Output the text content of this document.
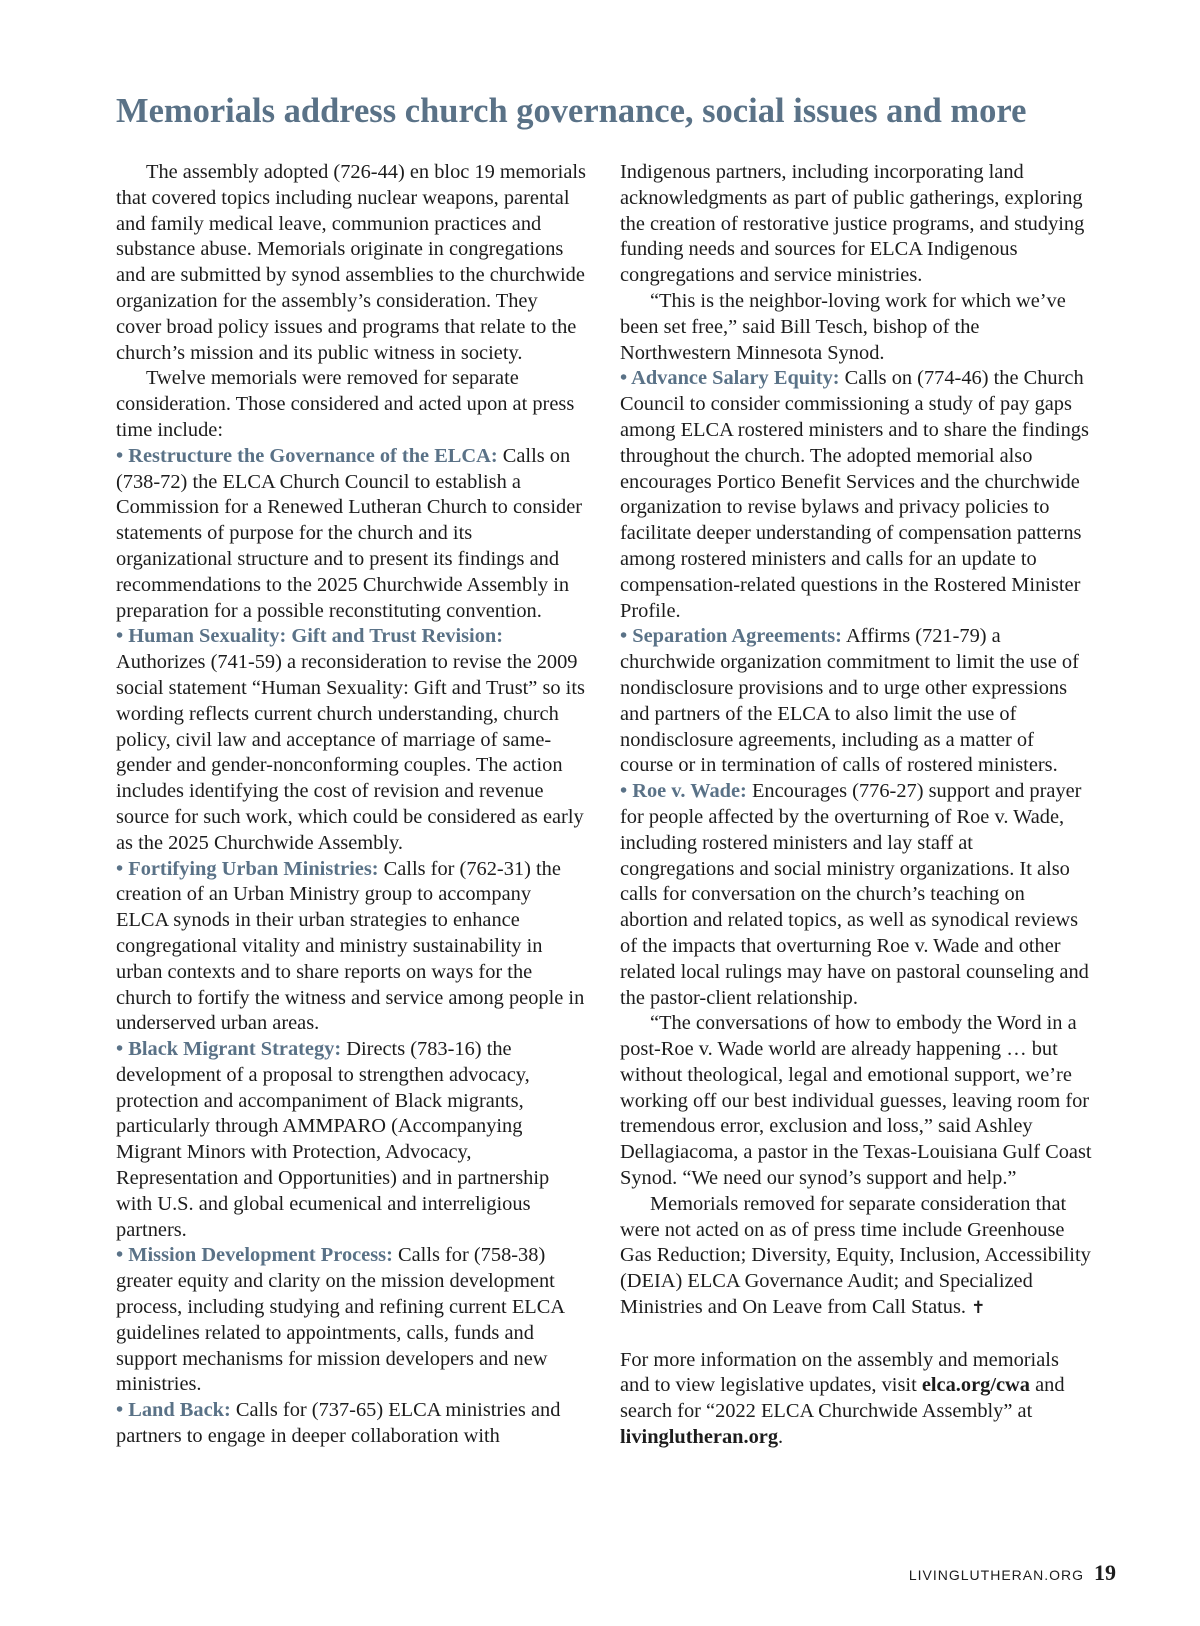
Memorials address church governance, social issues and more

The assembly adopted (726-44) en bloc 19 memorials that covered topics including nuclear weapons, parental and family medical leave, communion practices and substance abuse. Memorials originate in congregations and are submitted by synod assemblies to the churchwide organization for the assembly’s consideration. They cover broad policy issues and programs that relate to the church’s mission and its public witness in society.

Twelve memorials were removed for separate consideration. Those considered and acted upon at press time include:

• Restructure the Governance of the ELCA: Calls on (738-72) the ELCA Church Council to establish a Commission for a Renewed Lutheran Church to consider statements of purpose for the church and its organizational structure and to present its findings and recommendations to the 2025 Churchwide Assembly in preparation for a possible reconstituting convention.

• Human Sexuality: Gift and Trust Revision: Authorizes (741-59) a reconsideration to revise the 2009 social statement “Human Sexuality: Gift and Trust” so its wording reflects current church understanding, church policy, civil law and acceptance of marriage of same-gender and gender-nonconforming couples. The action includes identifying the cost of revision and revenue source for such work, which could be considered as early as the 2025 Churchwide Assembly.

• Fortifying Urban Ministries: Calls for (762-31) the creation of an Urban Ministry group to accompany ELCA synods in their urban strategies to enhance congregational vitality and ministry sustainability in urban contexts and to share reports on ways for the church to fortify the witness and service among people in underserved urban areas.

• Black Migrant Strategy: Directs (783-16) the development of a proposal to strengthen advocacy, protection and accompaniment of Black migrants, particularly through AMMPARO (Accompanying Migrant Minors with Protection, Advocacy, Representation and Opportunities) and in partnership with U.S. and global ecumenical and interreligious partners.

• Mission Development Process: Calls for (758-38) greater equity and clarity on the mission development process, including studying and refining current ELCA guidelines related to appointments, calls, funds and support mechanisms for mission developers and new ministries.

• Land Back: Calls for (737-65) ELCA ministries and partners to engage in deeper collaboration with

Indigenous partners, including incorporating land acknowledgments as part of public gatherings, exploring the creation of restorative justice programs, and studying funding needs and sources for ELCA Indigenous congregations and service ministries.

“This is the neighbor-loving work for which we’ve been set free,” said Bill Tesch, bishop of the Northwestern Minnesota Synod.

• Advance Salary Equity: Calls on (774-46) the Church Council to consider commissioning a study of pay gaps among ELCA rostered ministers and to share the findings throughout the church. The adopted memorial also encourages Portico Benefit Services and the churchwide organization to revise bylaws and privacy policies to facilitate deeper understanding of compensation patterns among rostered ministers and calls for an update to compensation-related questions in the Rostered Minister Profile.

• Separation Agreements: Affirms (721-79) a churchwide organization commitment to limit the use of nondisclosure provisions and to urge other expressions and partners of the ELCA to also limit the use of nondisclosure agreements, including as a matter of course or in termination of calls of rostered ministers.

• Roe v. Wade: Encourages (776-27) support and prayer for people affected by the overturning of Roe v. Wade, including rostered ministers and lay staff at congregations and social ministry organizations. It also calls for conversation on the church’s teaching on abortion and related topics, as well as synodical reviews of the impacts that overturning Roe v. Wade and other related local rulings may have on pastoral counseling and the pastor-client relationship.

“The conversations of how to embody the Word in a post-Roe v. Wade world are already happening … but without theological, legal and emotional support, we’re working off our best individual guesses, leaving room for tremendous error, exclusion and loss,” said Ashley Dellagiacoma, a pastor in the Texas-Louisiana Gulf Coast Synod. “We need our synod’s support and help.”

Memorials removed for separate consideration that were not acted on as of press time include Greenhouse Gas Reduction; Diversity, Equity, Inclusion, Accessibility (DEIA) ELCA Governance Audit; and Specialized Ministries and On Leave from Call Status. ✝

For more information on the assembly and memorials and to view legislative updates, visit elca.org/cwa and search for “2022 ELCA Churchwide Assembly” at livinglutheran.org.

LIVINGLUTHERAN.ORG 19
